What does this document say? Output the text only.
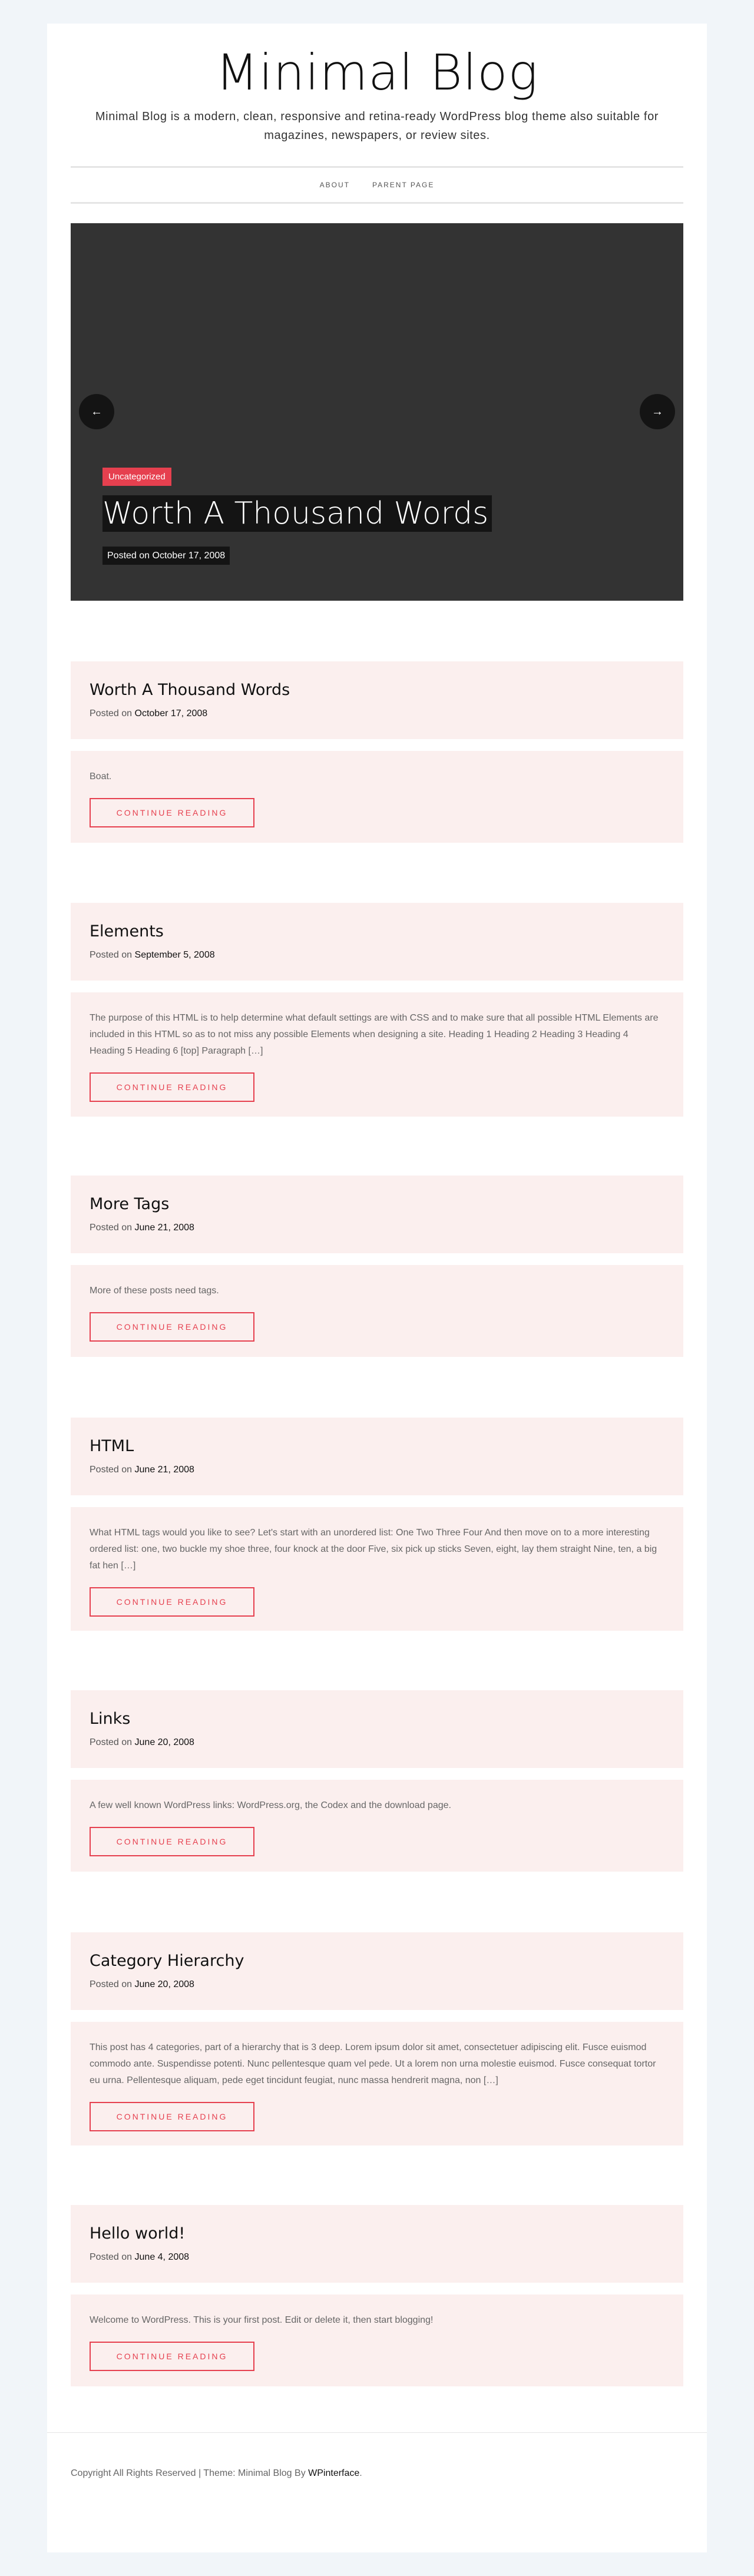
Minimal Blog

Minimal Blog is a modern, clean, responsive and retina-ready WordPress blog theme also suitable for magazines, newspapers, or review sites.

ABOUT	PARENT PAGE
←	→
Uncategorized
Worth A Thousand Words
Posted on October 17, 2008
Worth A Thousand Words

Posted on October 17, 2008

Boat.

CONTINUE READING
Elements

Posted on September 5, 2008

The purpose of this HTML is to help determine what default settings are with CSS and to make sure that all possible HTML Elements are included in this HTML so as to not miss any possible Elements when designing a site. Heading 1 Heading 2 Heading 3 Heading 4 Heading 5 Heading 6 [top] Paragraph […]

CONTINUE READING
More Tags

Posted on June 21, 2008

More of these posts need tags.

CONTINUE READING
HTML

Posted on June 21, 2008

What HTML tags would you like to see? Let's start with an unordered list: One Two Three Four And then move on to a more interesting ordered list: one, two buckle my shoe three, four knock at the door Five, six pick up sticks Seven, eight, lay them straight Nine, ten, a big fat hen […]

CONTINUE READING
Links

Posted on June 20, 2008

A few well known WordPress links: WordPress.org, the Codex and the download page.

CONTINUE READING
Category Hierarchy

Posted on June 20, 2008

This post has 4 categories, part of a hierarchy that is 3 deep. Lorem ipsum dolor sit amet, consectetuer adipiscing elit. Fusce euismod commodo ante. Suspendisse potenti. Nunc pellentesque quam vel pede. Ut a lorem non urna molestie euismod. Fusce consequat tortor eu urna. Pellentesque aliquam, pede eget tincidunt feugiat, nunc massa hendrerit magna, non […]

CONTINUE READING
Hello world!

Posted on June 4, 2008

Welcome to WordPress. This is your first post. Edit or delete it, then start blogging!

CONTINUE READING

Copyright All Rights Reserved | Theme: Minimal Blog By WPinterface.
